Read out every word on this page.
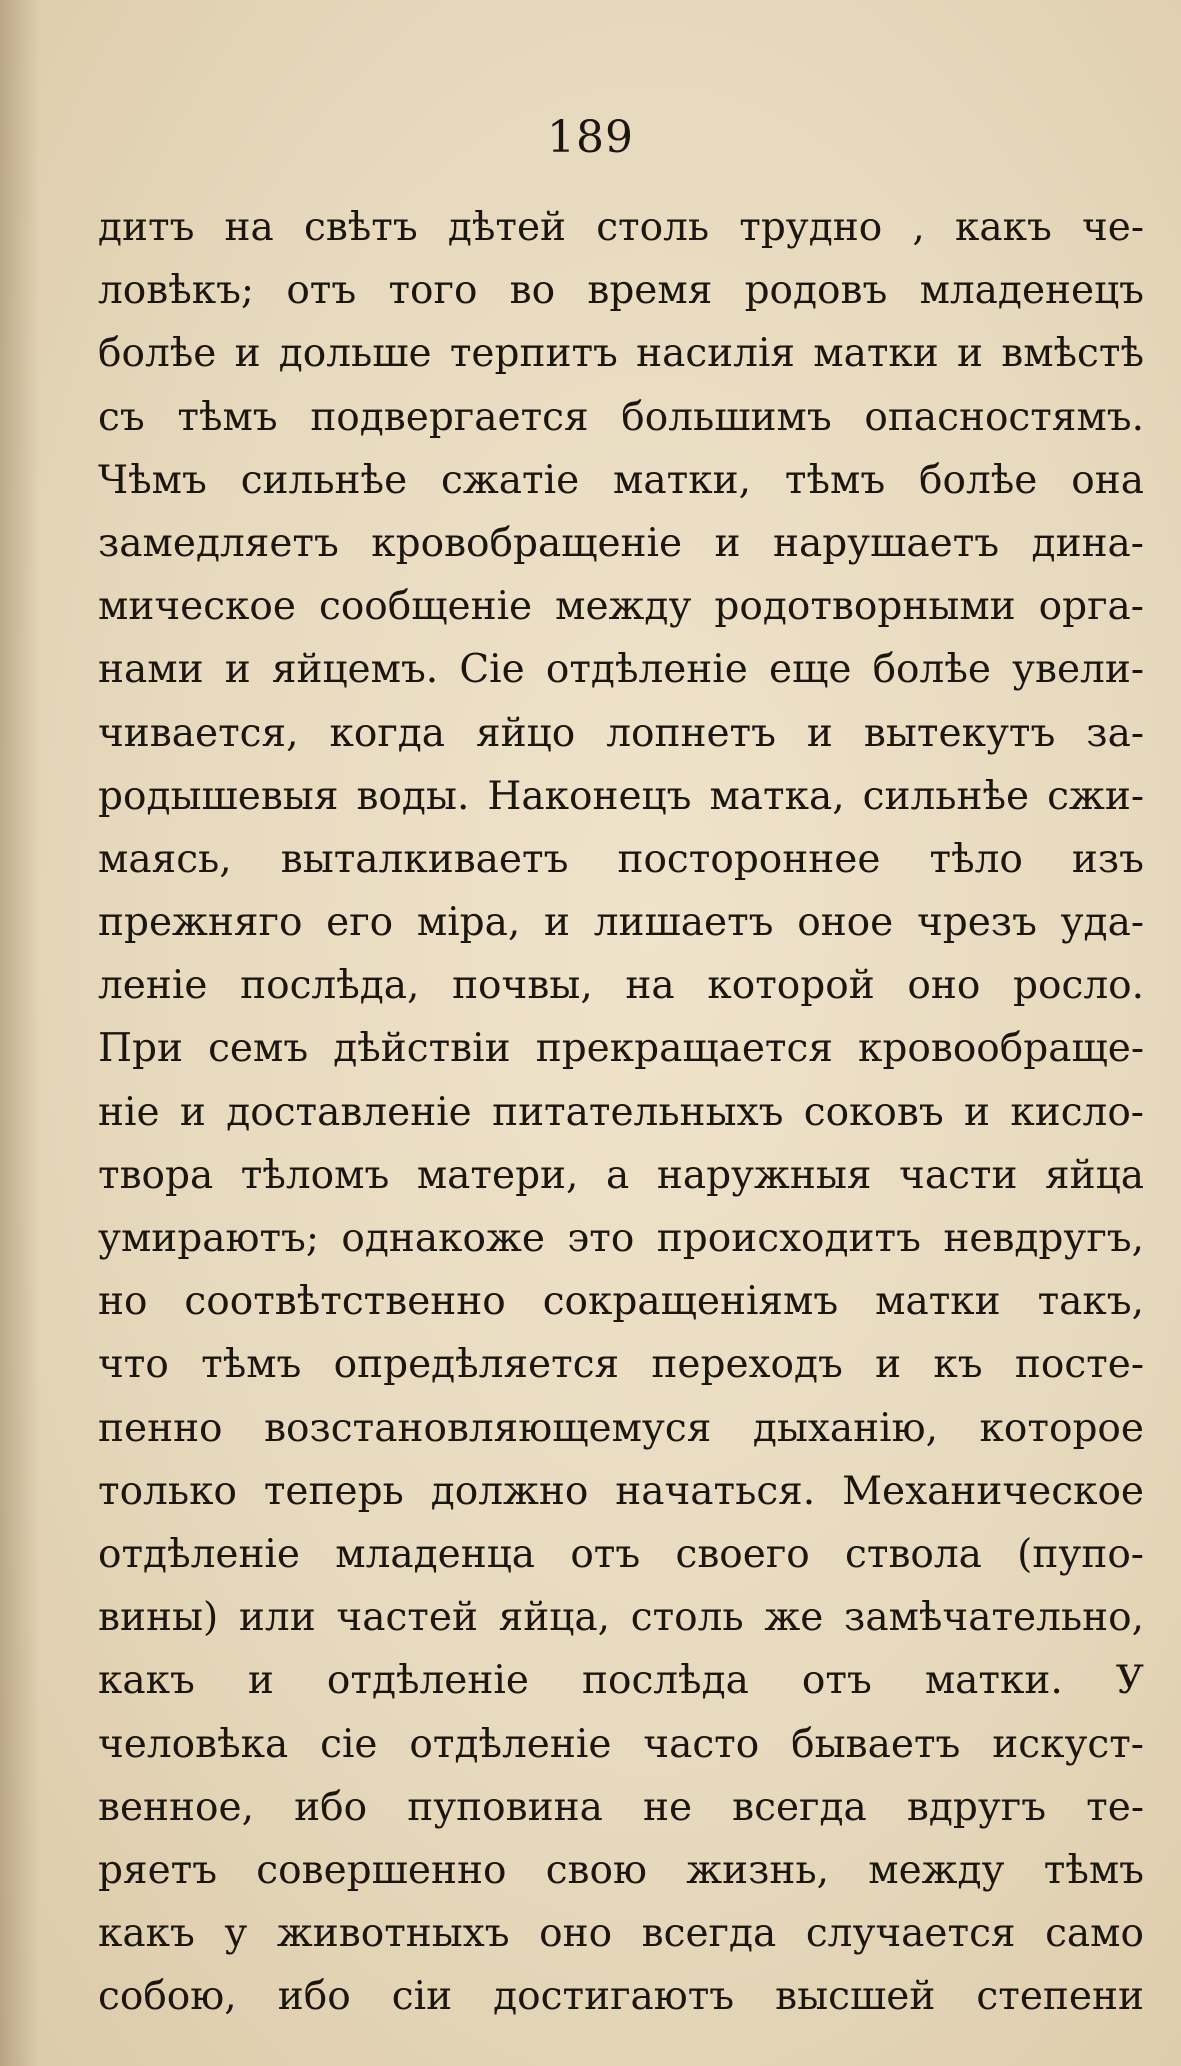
189
дитъ на свѣтъ дѣтей столь трудно , какъ че-
ловѣкъ; отъ того во время родовъ младенецъ
болѣе и дольше терпитъ насилія матки и вмѣстѣ
съ тѣмъ подвергается большимъ опасностямъ.
Чѣмъ сильнѣе сжатіе матки, тѣмъ болѣе она
замедляетъ кровобращеніе и нарушаетъ дина-
мическое сообщеніе между родотворными орга-
нами и яйцемъ. Сіе отдѣленіе еще болѣе увели-
чивается, когда яйцо лопнетъ и вытекутъ за-
родышевыя воды. Наконецъ матка, сильнѣе сжи-
маясь, выталкиваетъ постороннее тѣло изъ
прежняго его міра, и лишаетъ оное чрезъ уда-
леніе послѣда, почвы, на которой оно росло.
При семъ дѣйствіи прекращается кровообраще-
ніе и доставленіе питательныхъ соковъ и кисло-
твора тѣломъ матери, а наружныя части яйца
умираютъ; однакоже это происходитъ невдругъ,
но соотвѣтственно сокращеніямъ матки такъ,
что тѣмъ опредѣляется переходъ и къ посте-
пенно возстановляющемуся дыханію, которое
только теперь должно начаться. Механическое
отдѣленіе младенца отъ своего ствола (пупо-
вины) или частей яйца, столь же замѣчательно,
какъ и отдѣленіе послѣда отъ матки. У
человѣка сіе отдѣленіе часто бываетъ искуст-
венное, ибо пуповина не всегда вдругъ те-
ряетъ совершенно свою жизнь, между тѣмъ
какъ у животныхъ оно всегда случается само
собою, ибо сіи достигаютъ высшей степени
